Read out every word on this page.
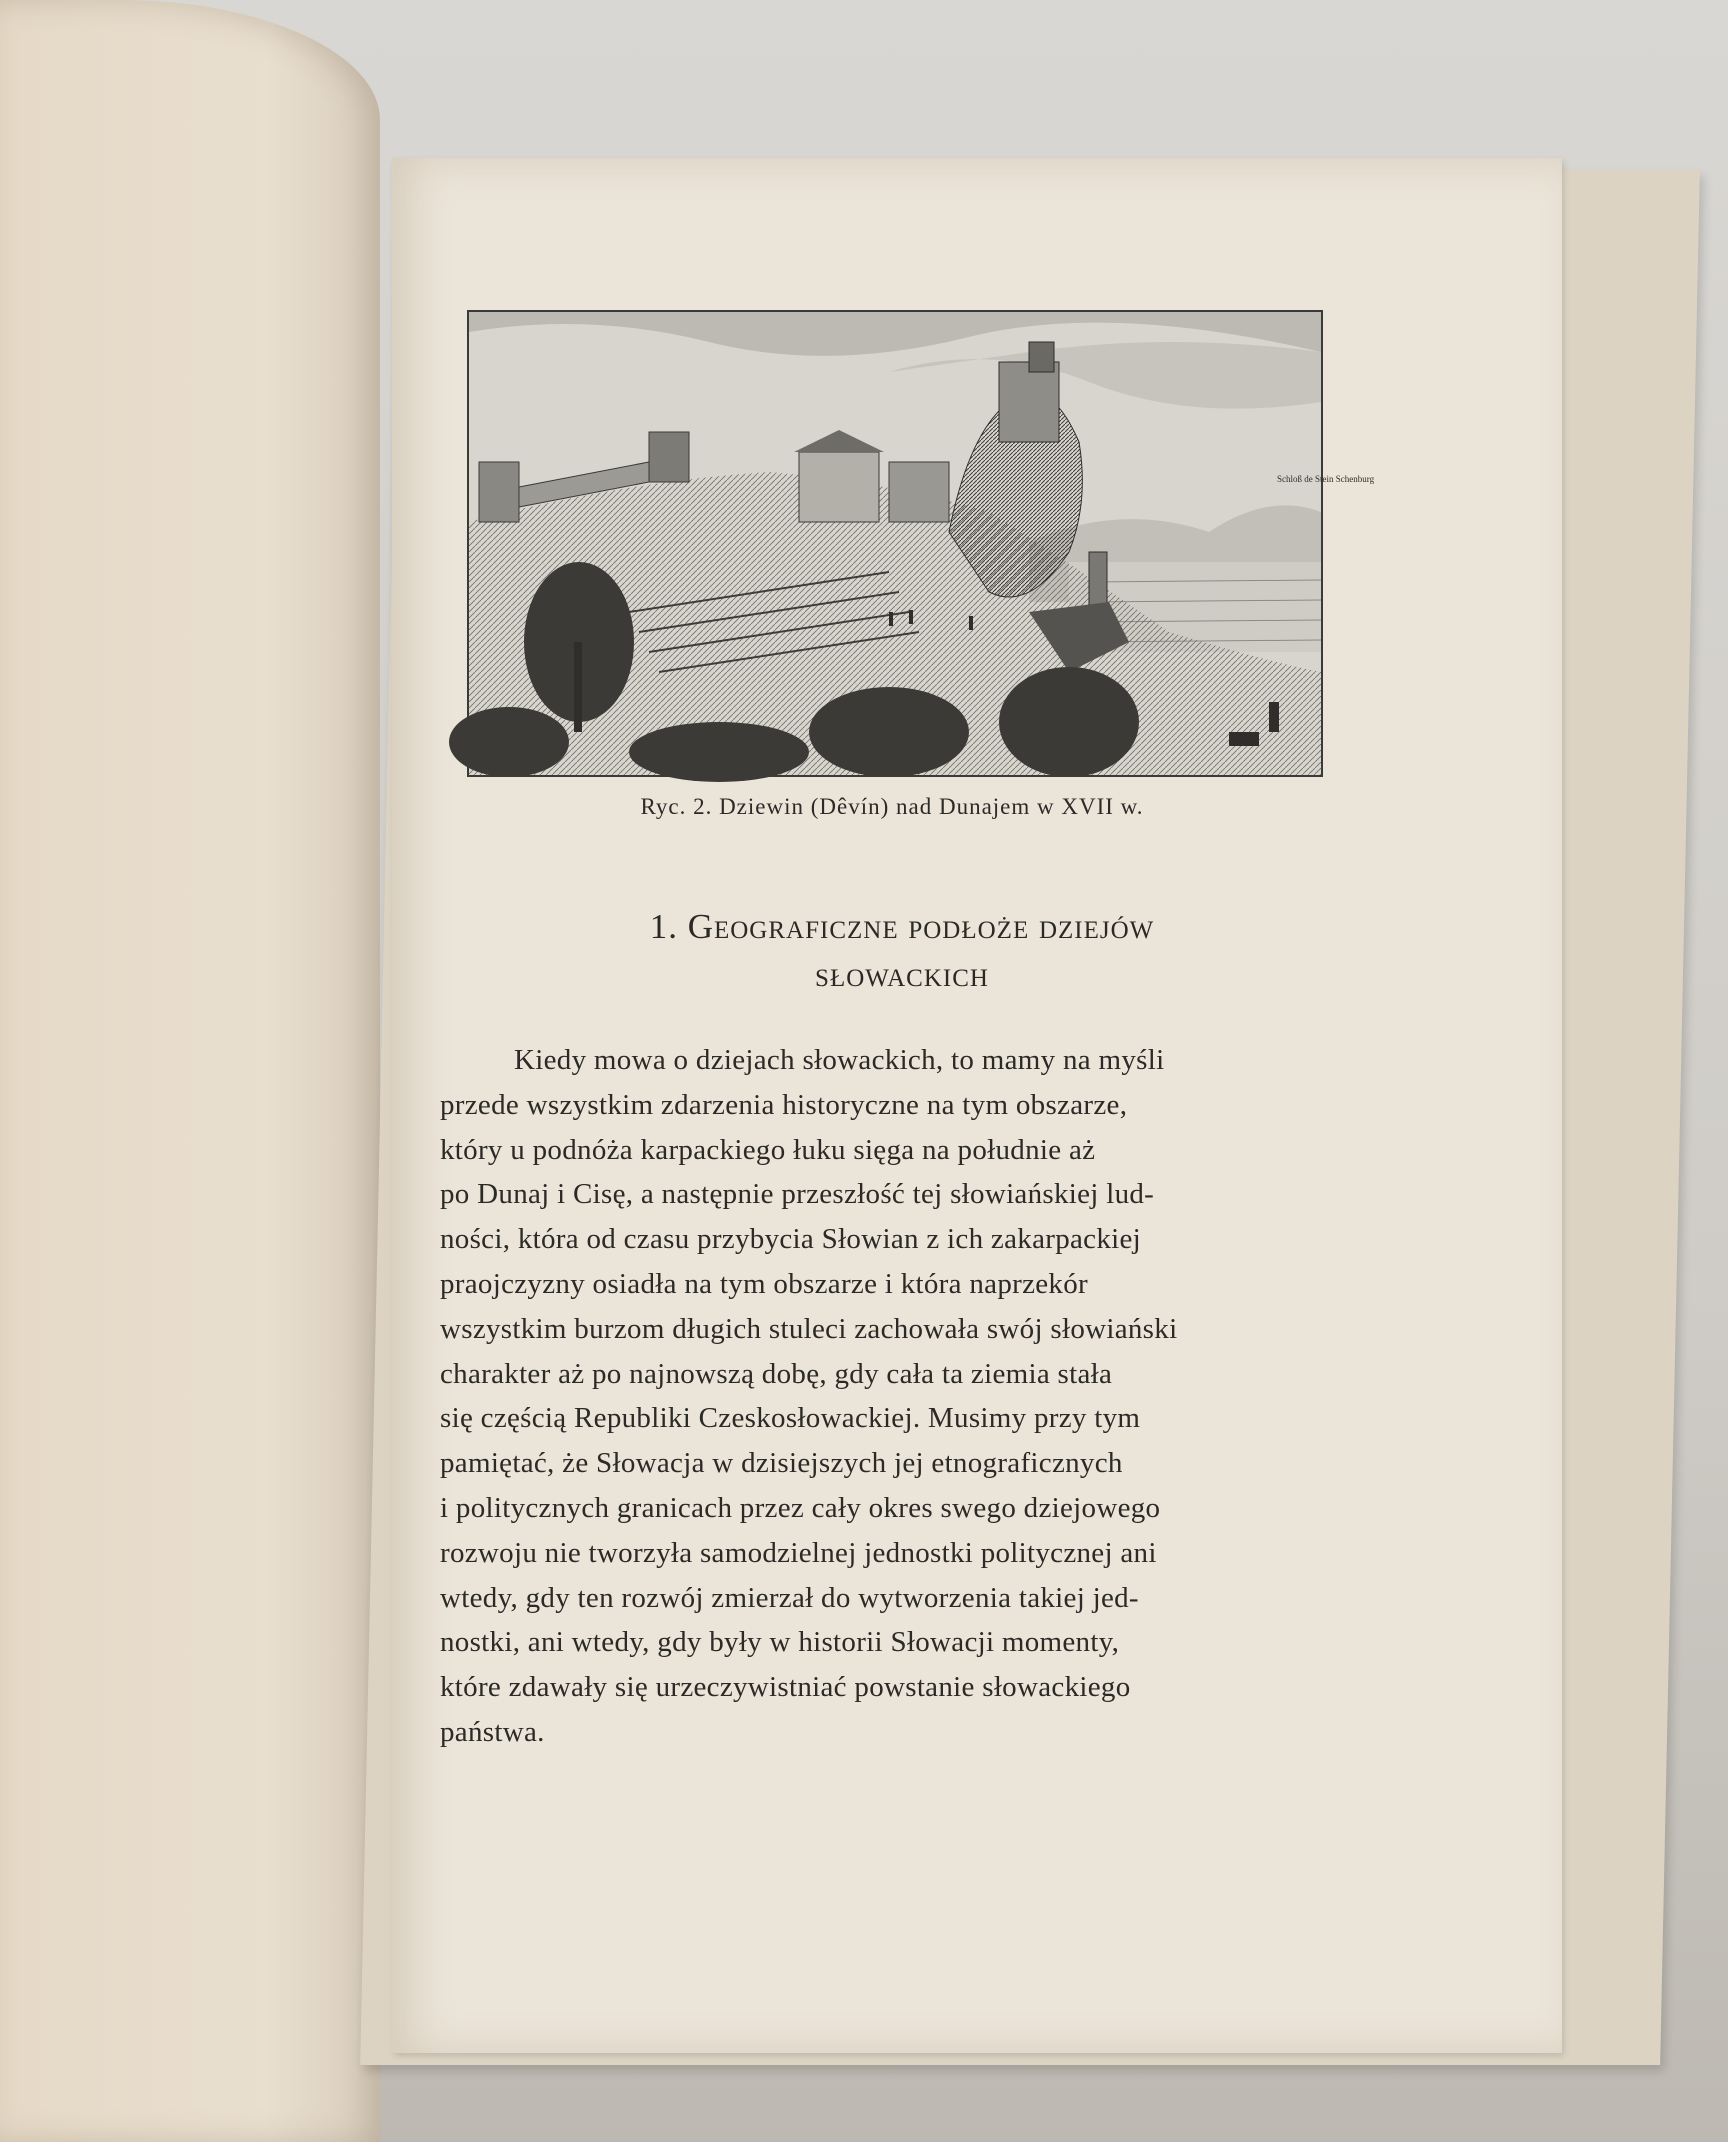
Schloß de Stein Schenburg
Ryc. 2. Dziewin (Dêvín) nad Dunajem w XVII w.
1. Geograficzne podłoże dziejów
słowackich
Kiedy mowa o dziejach słowackich, to mamy na myśli
przede wszystkim zdarzenia historyczne na tym obszarze,
który u podnóża karpackiego łuku sięga na południe aż
po Dunaj i Cisę, a następnie przeszłość tej słowiańskiej lud-
ności, która od czasu przybycia Słowian z ich zakarpackiej
praojczyzny osiadła na tym obszarze i która naprzekór
wszystkim burzom długich stuleci zachowała swój słowiański
charakter aż po najnowszą dobę, gdy cała ta ziemia stała
się częścią Republiki Czeskosłowackiej. Musimy przy tym
pamiętać, że Słowacja w dzisiejszych jej etnograficznych
i politycznych granicach przez cały okres swego dziejowego
rozwoju nie tworzyła samodzielnej jednostki politycznej ani
wtedy, gdy ten rozwój zmierzał do wytworzenia takiej jed-
nostki, ani wtedy, gdy były w historii Słowacji momenty,
które zdawały się urzeczywistniać powstanie słowackiego
państwa.
